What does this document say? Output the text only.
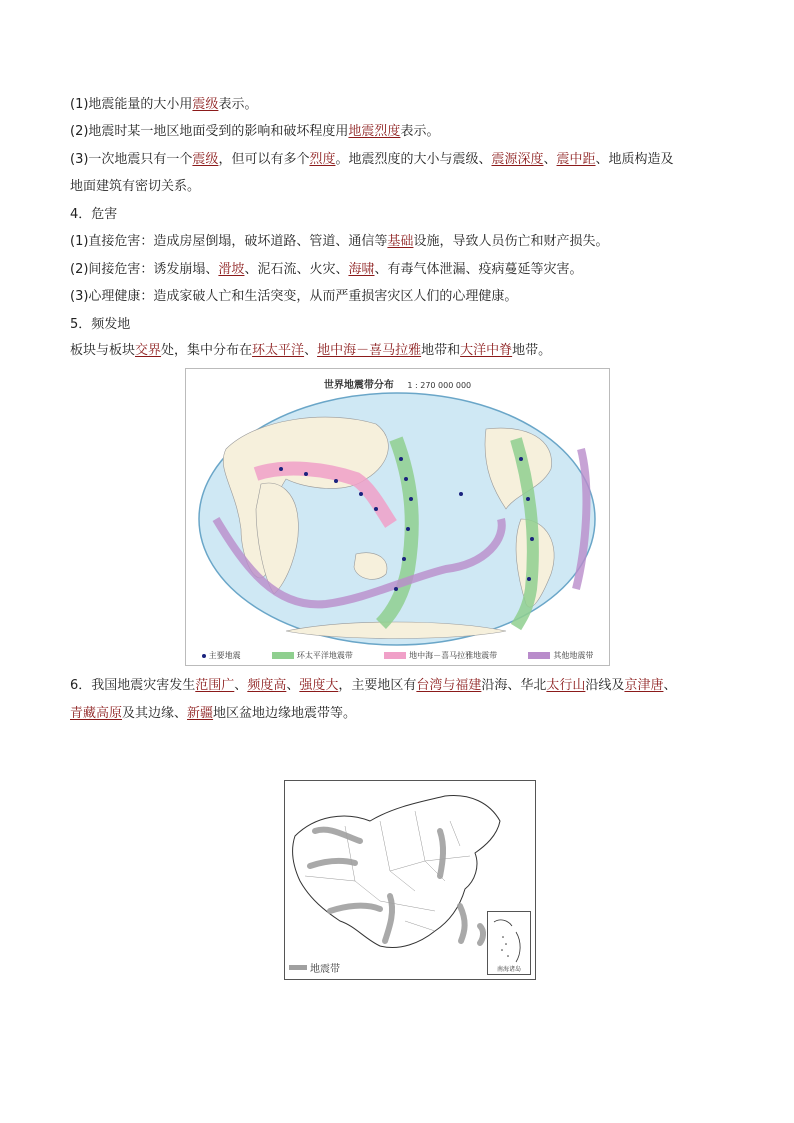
(1)地震能量的大小用震级表示。
(2)地震时某一地区地面受到的影响和破坏程度用地震烈度表示。
(3)一次地震只有一个震级，但可以有多个烈度。地震烈度的大小与震级、震源深度、震中距、地质构造及
地面建筑有密切关系。
4．危害
(1)直接危害：造成房屋倒塌，破坏道路、管道、通信等基础设施，导致人员伤亡和财产损失。
(2)间接危害：诱发崩塌、滑坡、泥石流、火灾、海啸、有毒气体泄漏、疫病蔓延等灾害。
(3)心理健康：造成家破人亡和生活突变，从而严重损害灾区人们的心理健康。
5．频发地
板块与板块交界处，集中分布在环太平洋、地中海－喜马拉雅地带和大洋中脊地带。
世界地震带分布 1 : 270 000 000
主要地震	环太平洋地震带	地中海－喜马拉雅地震带	其他地震带
6．我国地震灾害发生范围广、频度高、强度大，主要地区有台湾与福建沿海、华北太行山沿线及京津唐、
青藏高原及其边缘、新疆地区盆地边缘地震带等。
地震带	南海诸岛
